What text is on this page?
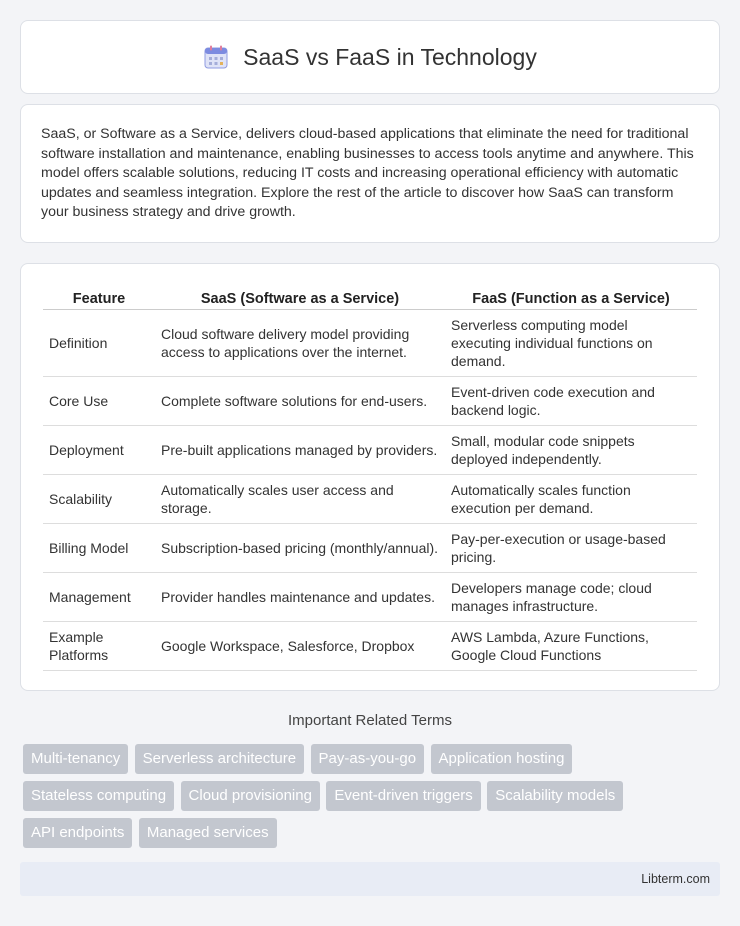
SaaS vs FaaS in Technology

SaaS, or Software as a Service, delivers cloud-based applications that eliminate the need for traditional software installation and maintenance, enabling businesses to access tools anytime and anywhere. This model offers scalable solutions, reducing IT costs and increasing operational efficiency with automatic updates and seamless integration. Explore the rest of the article to discover how SaaS can transform your business strategy and drive growth.

Feature	SaaS (Software as a Service)	FaaS (Function as a Service)
Definition	Cloud software delivery model providing access to applications over the internet.	Serverless computing model executing individual functions on demand.
Core Use	Complete software solutions for end-users.	Event-driven code execution and backend logic.
Deployment	Pre-built applications managed by providers.	Small, modular code snippets deployed independently.
Scalability	Automatically scales user access and storage.	Automatically scales function execution per demand.
Billing Model	Subscription-based pricing (monthly/annual).	Pay-per-execution or usage-based pricing.
Management	Provider handles maintenance and updates.	Developers manage code; cloud manages infrastructure.
Example Platforms	Google Workspace, Salesforce, Dropbox	AWS Lambda, Azure Functions, Google Cloud Functions
Important Related Terms
Multi-tenancy Serverless architecture Pay-as-you-go Application hosting Stateless computing Cloud provisioning Event-driven triggers Scalability models API endpoints Managed services
Libterm.com
